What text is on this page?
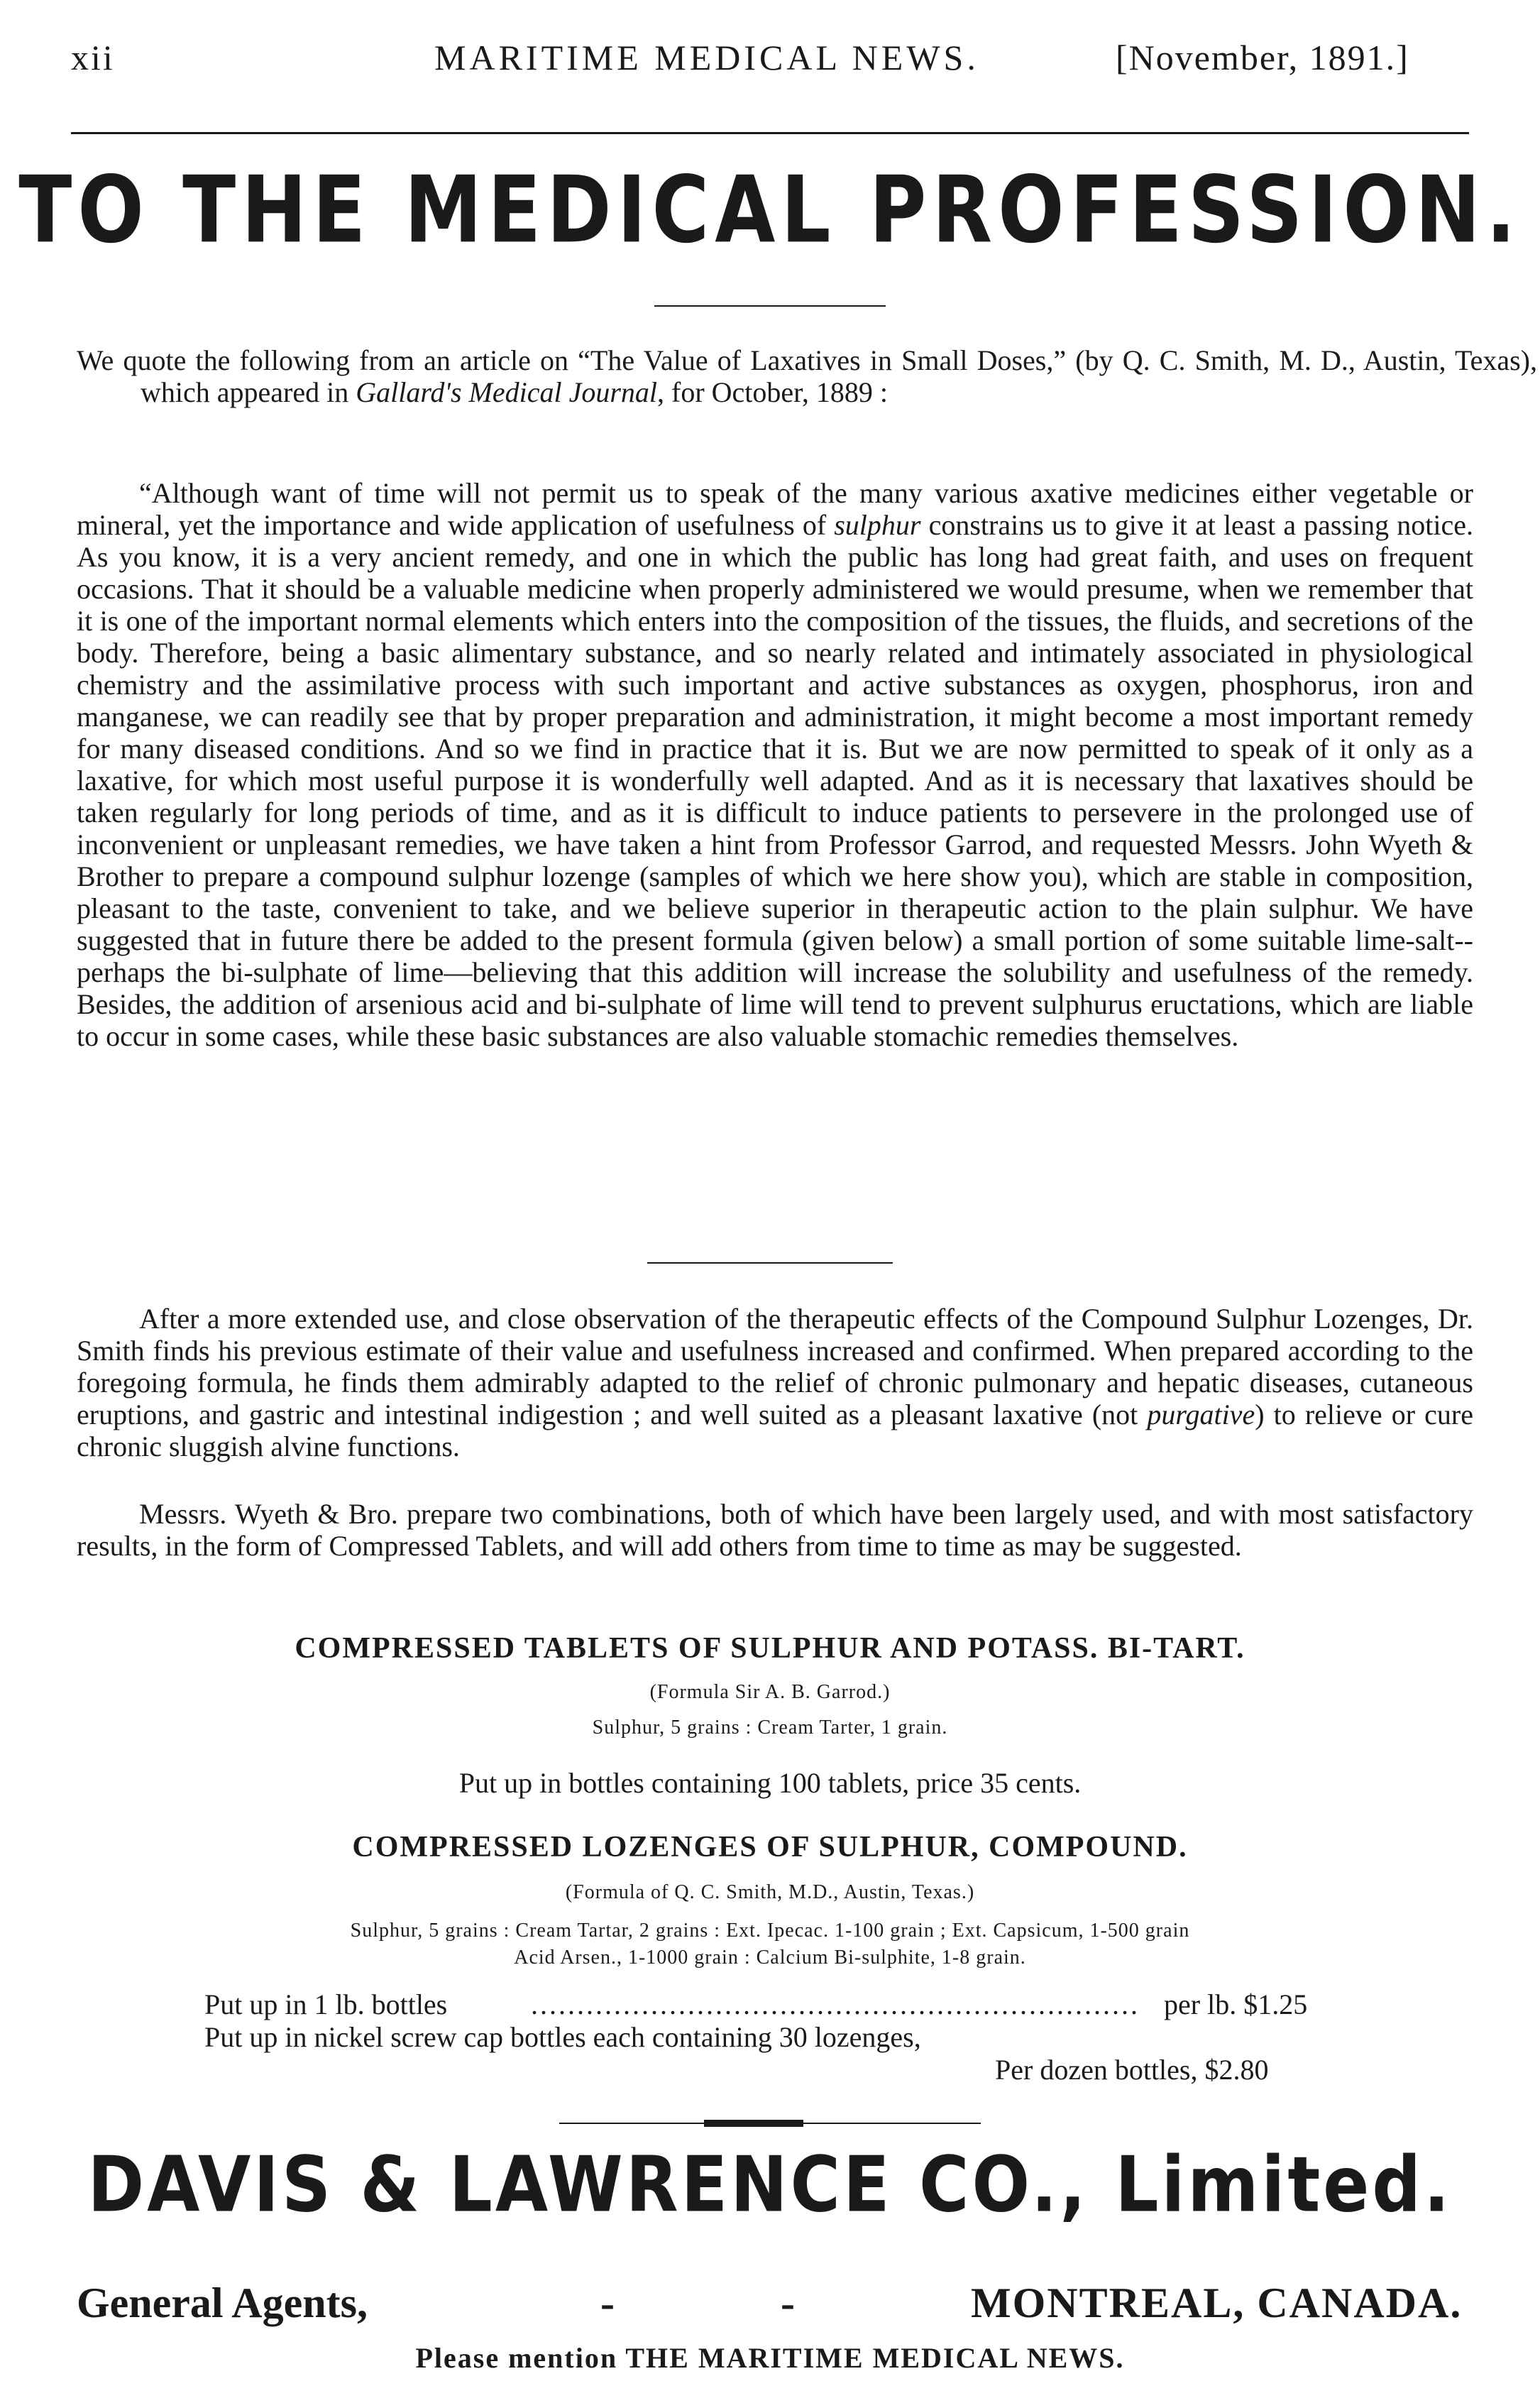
xii	MARITIME MEDICAL NEWS.	[November, 1891.]
TO THE MEDICAL PROFESSION.
We quote the following from an article on “The Value of Laxatives in Small Doses,” (by Q. C. Smith, M. D., Austin, Texas), which appeared in Gallard's Medical Journal, for October, 1889 :
“Although want of time will not permit us to speak of the many various axative medicines either vegetable or mineral, yet the importance and wide application of usefulness of sulphur constrains us to give it at least a passing notice. As you know, it is a very ancient remedy, and one in which the public has long had great faith, and uses on frequent occasions. That it should be a valuable medicine when properly administered we would presume, when we remember that it is one of the important normal elements which enters into the composition of the tissues, the fluids, and secretions of the body. Therefore, being a basic alimentary substance, and so nearly related and intimately associated in physiological chemistry and the assimilative process with such important and active substances as oxygen, phosphorus, iron and manganese, we can readily see that by proper preparation and administration, it might become a most important remedy for many diseased conditions. And so we find in practice that it is. But we are now permitted to speak of it only as a laxative, for which most useful purpose it is wonderfully well adapted. And as it is necessary that laxatives should be taken regularly for long periods of time, and as it is difficult to induce patients to persevere in the prolonged use of inconvenient or unpleasant remedies, we have taken a hint from Professor Garrod, and requested Messrs. John Wyeth & Brother to prepare a compound sulphur lozenge (samples of which we here show you), which are stable in composition, pleasant to the taste, convenient to take, and we believe superior in therapeutic action to the plain sulphur. We have suggested that in future there be added to the present formula (given below) a small portion of some suitable lime-salt--perhaps the bi-sulphate of lime—believing that this addition will increase the solubility and usefulness of the remedy. Besides, the addition of arsenious acid and bi-sulphate of lime will tend to prevent sulphurus eructations, which are liable to occur in some cases, while these basic substances are also valuable stomachic remedies themselves.
After a more extended use, and close observation of the therapeutic effects of the Compound Sulphur Lozenges, Dr. Smith finds his previous estimate of their value and usefulness increased and confirmed. When prepared according to the foregoing formula, he finds them admirably adapted to the relief of chronic pulmonary and hepatic diseases, cutaneous eruptions, and gastric and intestinal indigestion ; and well suited as a pleasant laxative (not purgative) to relieve or cure chronic sluggish alvine functions.
Messrs. Wyeth & Bro. prepare two combinations, both of which have been largely used, and with most satisfactory results, in the form of Compressed Tablets, and will add others from time to time as may be suggested.
COMPRESSED TABLETS OF SULPHUR AND POTASS. BI-TART.
(Formula Sir A. B. Garrod.)
Sulphur, 5 grains : Cream Tarter, 1 grain.
Put up in bottles containing 100 tablets, price 35 cents.
COMPRESSED LOZENGES OF SULPHUR, COMPOUND.
(Formula of Q. C. Smith, M.D., Austin, Texas.)
Sulphur, 5 grains : Cream Tartar, 2 grains : Ext. Ipecac. 1-100 grain ; Ext. Capsicum, 1-500 grain
Acid Arsen., 1-1000 grain : Calcium Bi-sulphite, 1-8 grain.
Put up in 1 lb. bottles	.................................................................. per lb. $1.25
Put up in nickel screw cap bottles each containing 30 lozenges,
Per dozen bottles, $2.80
DAVIS & LAWRENCE CO., Limited.
General Agents,	-	-	MONTREAL, CANADA.
Please mention THE MARITIME MEDICAL NEWS.
